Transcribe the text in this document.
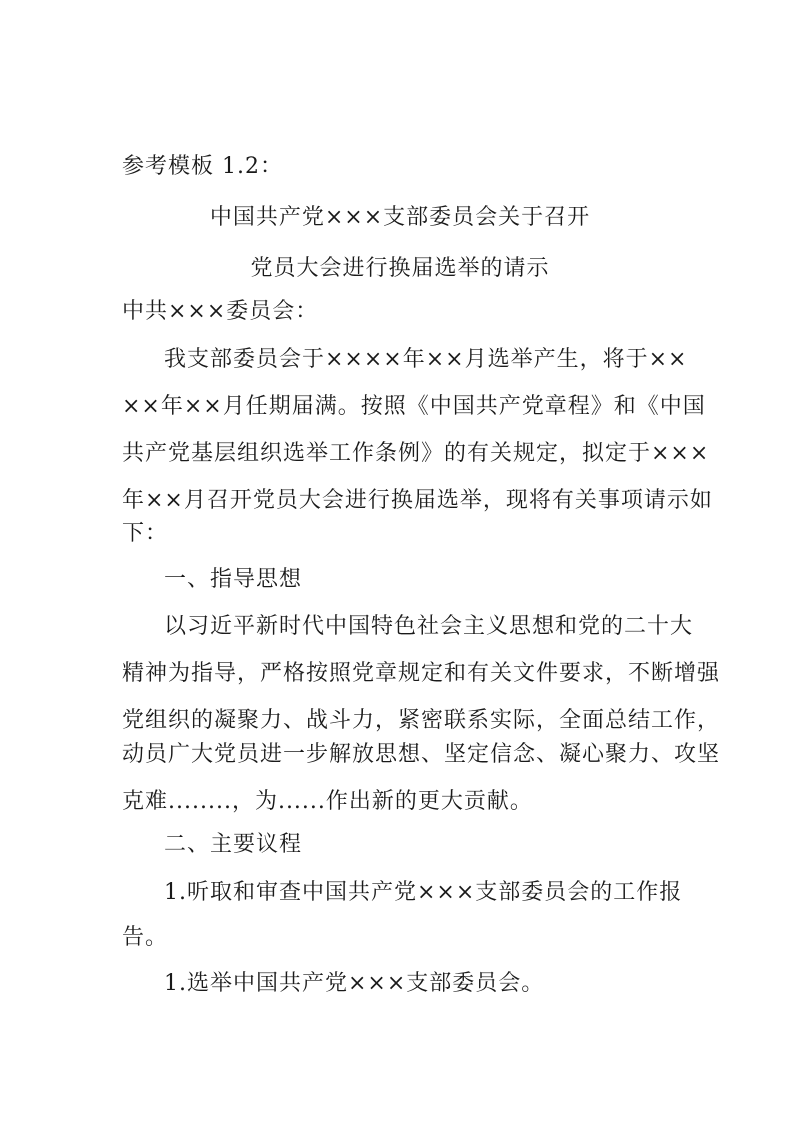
参考模板 1.2：
中国共产党×××支部委员会关于召开
党员大会进行换届选举的请示
中共×××委员会：
我支部委员会于××××年××月选举产生，将于××
××年××月任期届满。按照《中国共产党章程》和《中国
共产党基层组织选举工作条例》的有关规定，拟定于×××
年××月召开党员大会进行换届选举，现将有关事项请示如
下：
一、指导思想
以习近平新时代中国特色社会主义思想和党的二十大
精神为指导，严格按照党章规定和有关文件要求，不断增强
党组织的凝聚力、战斗力，紧密联系实际，全面总结工作，
动员广大党员进一步解放思想、坚定信念、凝心聚力、攻坚
克难........，为......作出新的更大贡献。
二、主要议程
1.听取和审查中国共产党×××支部委员会的工作报
告。
1.选举中国共产党×××支部委员会。
